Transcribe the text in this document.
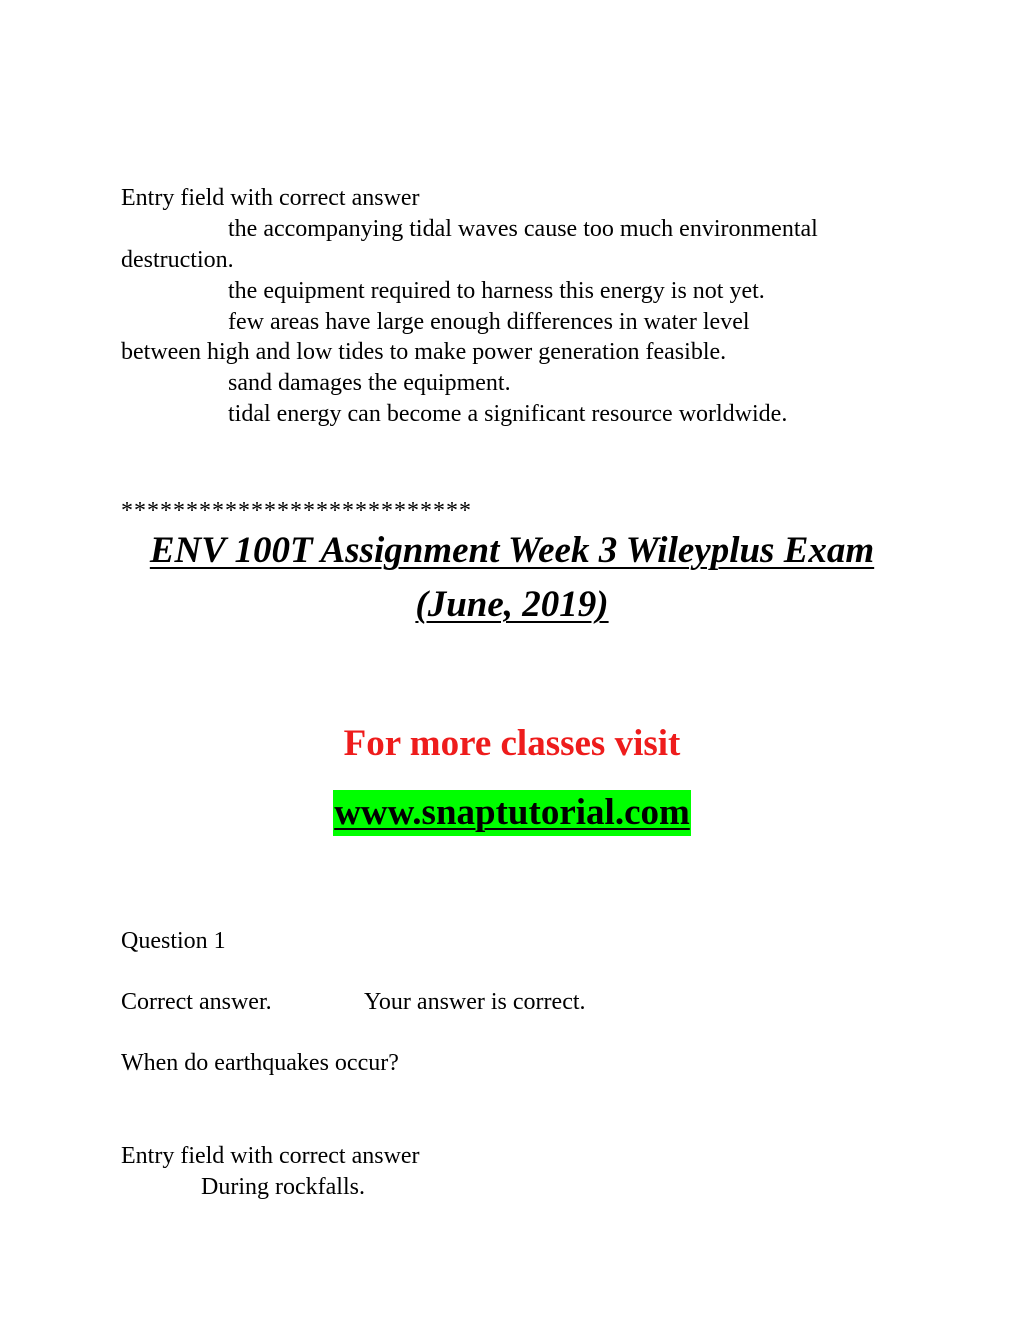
Entry field with correct answer
the accompanying tidal waves cause too much environmental
destruction.
the equipment required to harness this energy is not yet.
few areas have large enough differences in water level
between high and low tides to make power generation feasible.
sand damages the equipment.
tidal energy can become a significant resource worldwide.
***************************
ENV 100T Assignment Week 3 Wileyplus Exam
(June, 2019)
For more classes visit
www.snaptutorial.com
Question 1
Correct answer.	Your answer is correct.
When do earthquakes occur?
Entry field with correct answer
During rockfalls.
